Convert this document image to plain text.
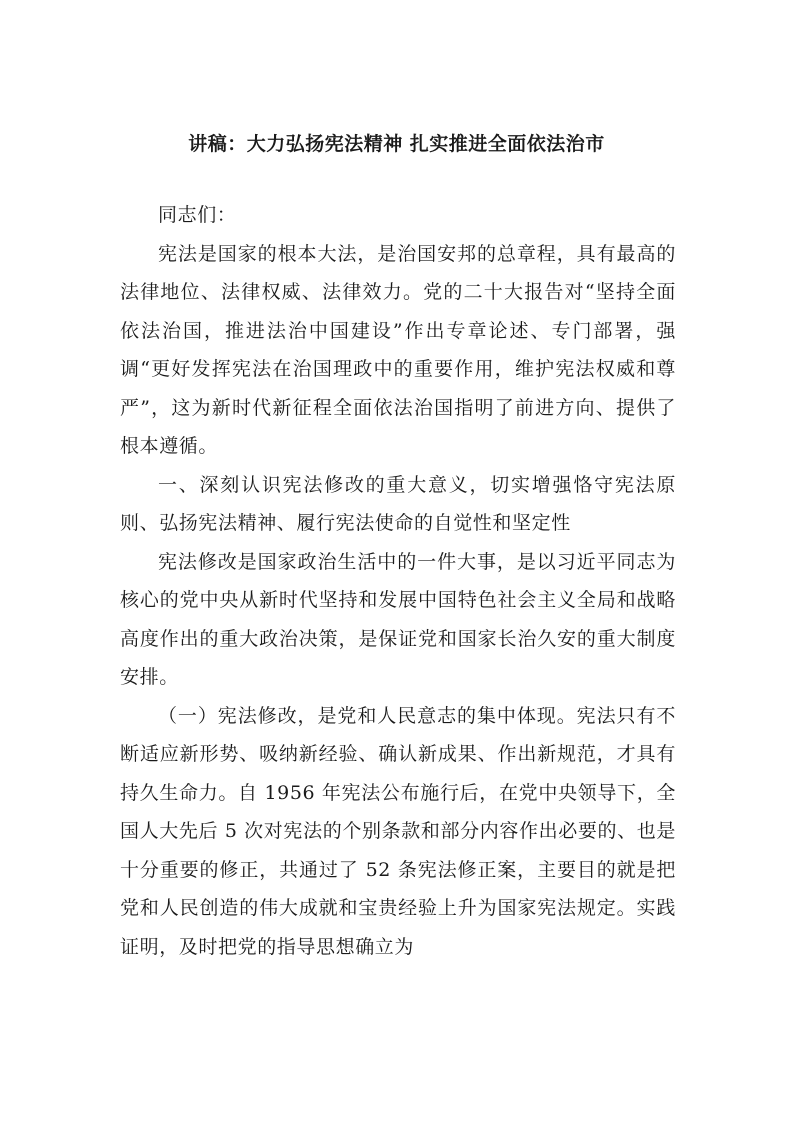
讲稿：大力弘扬宪法精神 扎实推进全面依法治市

同志们：

宪法是国家的根本大法，是治国安邦的总章程，具有最高的法律地位、法律权威、法律效力。党的二十大报告对“坚持全面依法治国，推进法治中国建设”作出专章论述、专门部署，强调“更好发挥宪法在治国理政中的重要作用，维护宪法权威和尊严”，这为新时代新征程全面依法治国指明了前进方向、提供了根本遵循。

一、深刻认识宪法修改的重大意义，切实增强恪守宪法原则、弘扬宪法精神、履行宪法使命的自觉性和坚定性

宪法修改是国家政治生活中的一件大事，是以习近平同志为核心的党中央从新时代坚持和发展中国特色社会主义全局和战略高度作出的重大政治决策，是保证党和国家长治久安的重大制度安排。

（一）宪法修改，是党和人民意志的集中体现。宪法只有不断适应新形势、吸纳新经验、确认新成果、作出新规范，才具有持久生命力。自 1956 年宪法公布施行后，在党中央领导下，全国人大先后 5 次对宪法的个别条款和部分内容作出必要的、也是十分重要的修正，共通过了 52 条宪法修正案，主要目的就是把党和人民创造的伟大成就和宝贵经验上升为国家宪法规定。实践证明，及时把党的指导思想确立为
